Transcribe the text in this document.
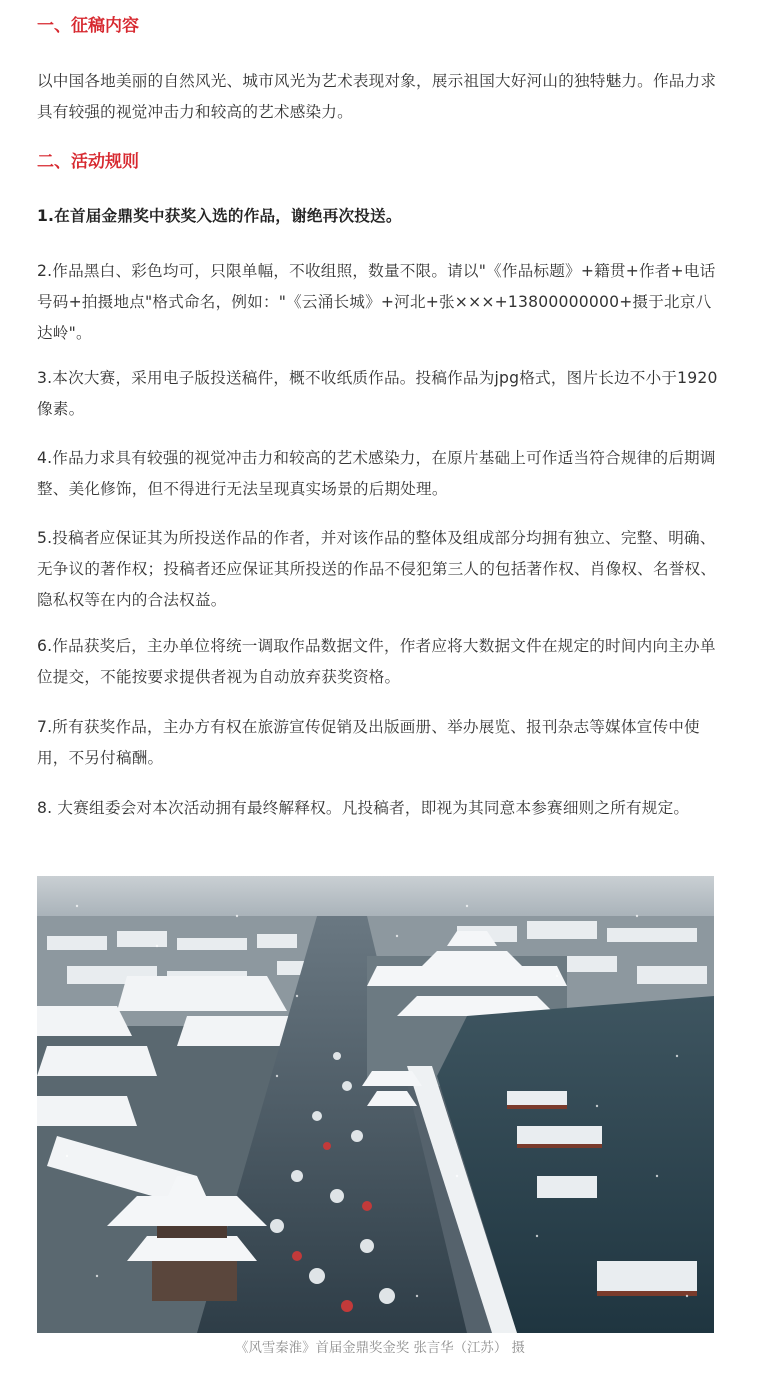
一、征稿内容

以中国各地美丽的自然风光、城市风光为艺术表现对象，展示祖国大好河山的独特魅力。作品力求具有较强的视觉冲击力和较高的艺术感染力。

二、活动规则

1.在首届金鼎奖中获奖入选的作品，谢绝再次投送。

2.作品黑白、彩色均可，只限单幅，不收组照，数量不限。请以"《作品标题》+籍贯+作者+电话号码+拍摄地点"格式命名，例如："《云涌长城》+河北+张×××+13800000000+摄于北京八达岭"。

3.本次大赛，采用电子版投送稿件，概不收纸质作品。投稿作品为jpg格式，图片长边不小于1920像素。

4.作品力求具有较强的视觉冲击力和较高的艺术感染力，在原片基础上可作适当符合规律的后期调整、美化修饰，但不得进行无法呈现真实场景的后期处理。

5.投稿者应保证其为所投送作品的作者，并对该作品的整体及组成部分均拥有独立、完整、明确、无争议的著作权；投稿者还应保证其所投送的作品不侵犯第三人的包括著作权、肖像权、名誉权、隐私权等在内的合法权益。

6.作品获奖后，主办单位将统一调取作品数据文件，作者应将大数据文件在规定的时间内向主办单位提交，不能按要求提供者视为自动放弃获奖资格。

7.所有获奖作品，主办方有权在旅游宣传促销及出版画册、举办展览、报刊杂志等媒体宣传中使用，不另付稿酬。

8. 大赛组委会对本次活动拥有最终解释权。凡投稿者，即视为其同意本参赛细则之所有规定。

《风雪秦淮》首届金鼎奖金奖 张言华（江苏） 摄
